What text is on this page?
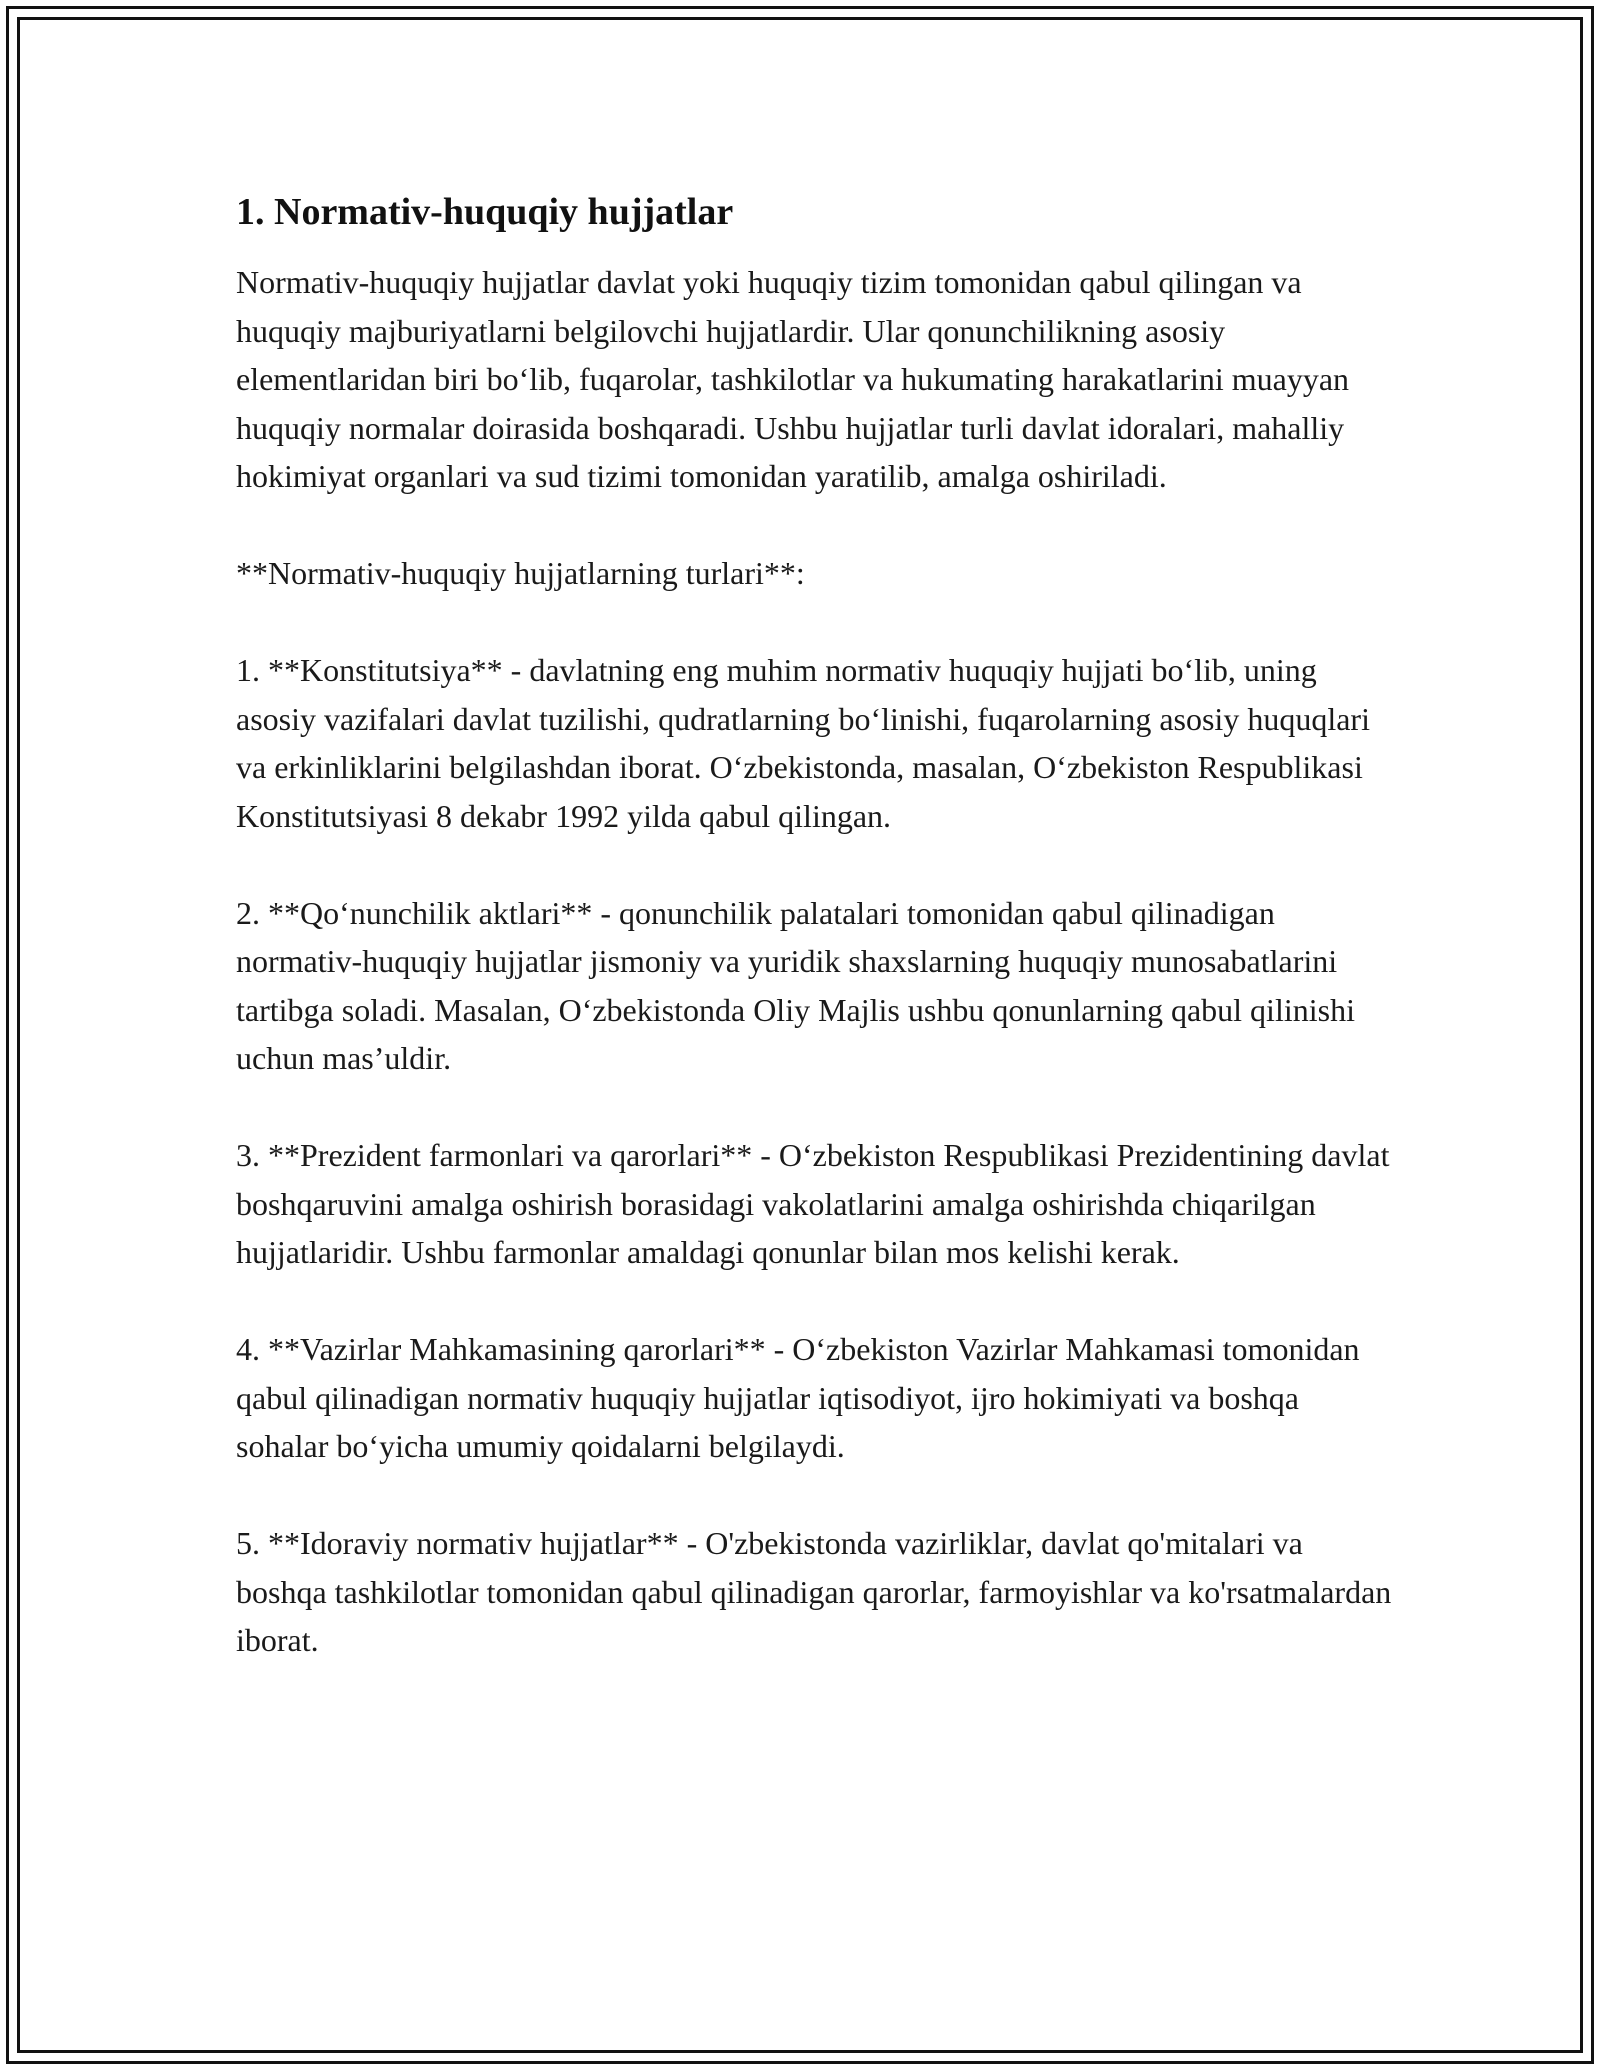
1. Normativ-huquqiy hujjatlar

Normativ-huquqiy hujjatlar davlat yoki huquqiy tizim tomonidan qabul qilingan va huquqiy majburiyatlarni belgilovchi hujjatlardir. Ular qonunchilikning asosiy elementlaridan biri bo‘lib, fuqarolar, tashkilotlar va hukumating harakatlarini muayyan huquqiy normalar doirasida boshqaradi. Ushbu hujjatlar turli davlat idoralari, mahalliy hokimiyat organlari va sud tizimi tomonidan yaratilib, amalga oshiriladi.

**Normativ-huquqiy hujjatlarning turlari**:

1. **Konstitutsiya** - davlatning eng muhim normativ huquqiy hujjati bo‘lib, uning asosiy vazifalari davlat tuzilishi, qudratlarning bo‘linishi, fuqarolarning asosiy huquqlari va erkinliklarini belgilashdan iborat. O‘zbekistonda, masalan, O‘zbekiston Respublikasi Konstitutsiyasi 8 dekabr 1992 yilda qabul qilingan.

2. **Qo‘nunchilik aktlari** - qonunchilik palatalari tomonidan qabul qilinadigan normativ-huquqiy hujjatlar jismoniy va yuridik shaxslarning huquqiy munosabatlarini tartibga soladi. Masalan, O‘zbekistonda Oliy Majlis ushbu qonunlarning qabul qilinishi uchun mas’uldir.

3. **Prezident farmonlari va qarorlari** - O‘zbekiston Respublikasi Prezidentining davlat boshqaruvini amalga oshirish borasidagi vakolatlarini amalga oshirishda chiqarilgan hujjatlaridir. Ushbu farmonlar amaldagi qonunlar bilan mos kelishi kerak.

4. **Vazirlar Mahkamasining qarorlari** - O‘zbekiston Vazirlar Mahkamasi tomonidan qabul qilinadigan normativ huquqiy hujjatlar iqtisodiyot, ijro hokimiyati va boshqa sohalar bo‘yicha umumiy qoidalarni belgilaydi.

5. **Idoraviy normativ hujjatlar** - O'zbekistonda vazirliklar, davlat qo'mitalari va boshqa tashkilotlar tomonidan qabul qilinadigan qarorlar, farmoyishlar va ko'rsatmalardan iborat.
